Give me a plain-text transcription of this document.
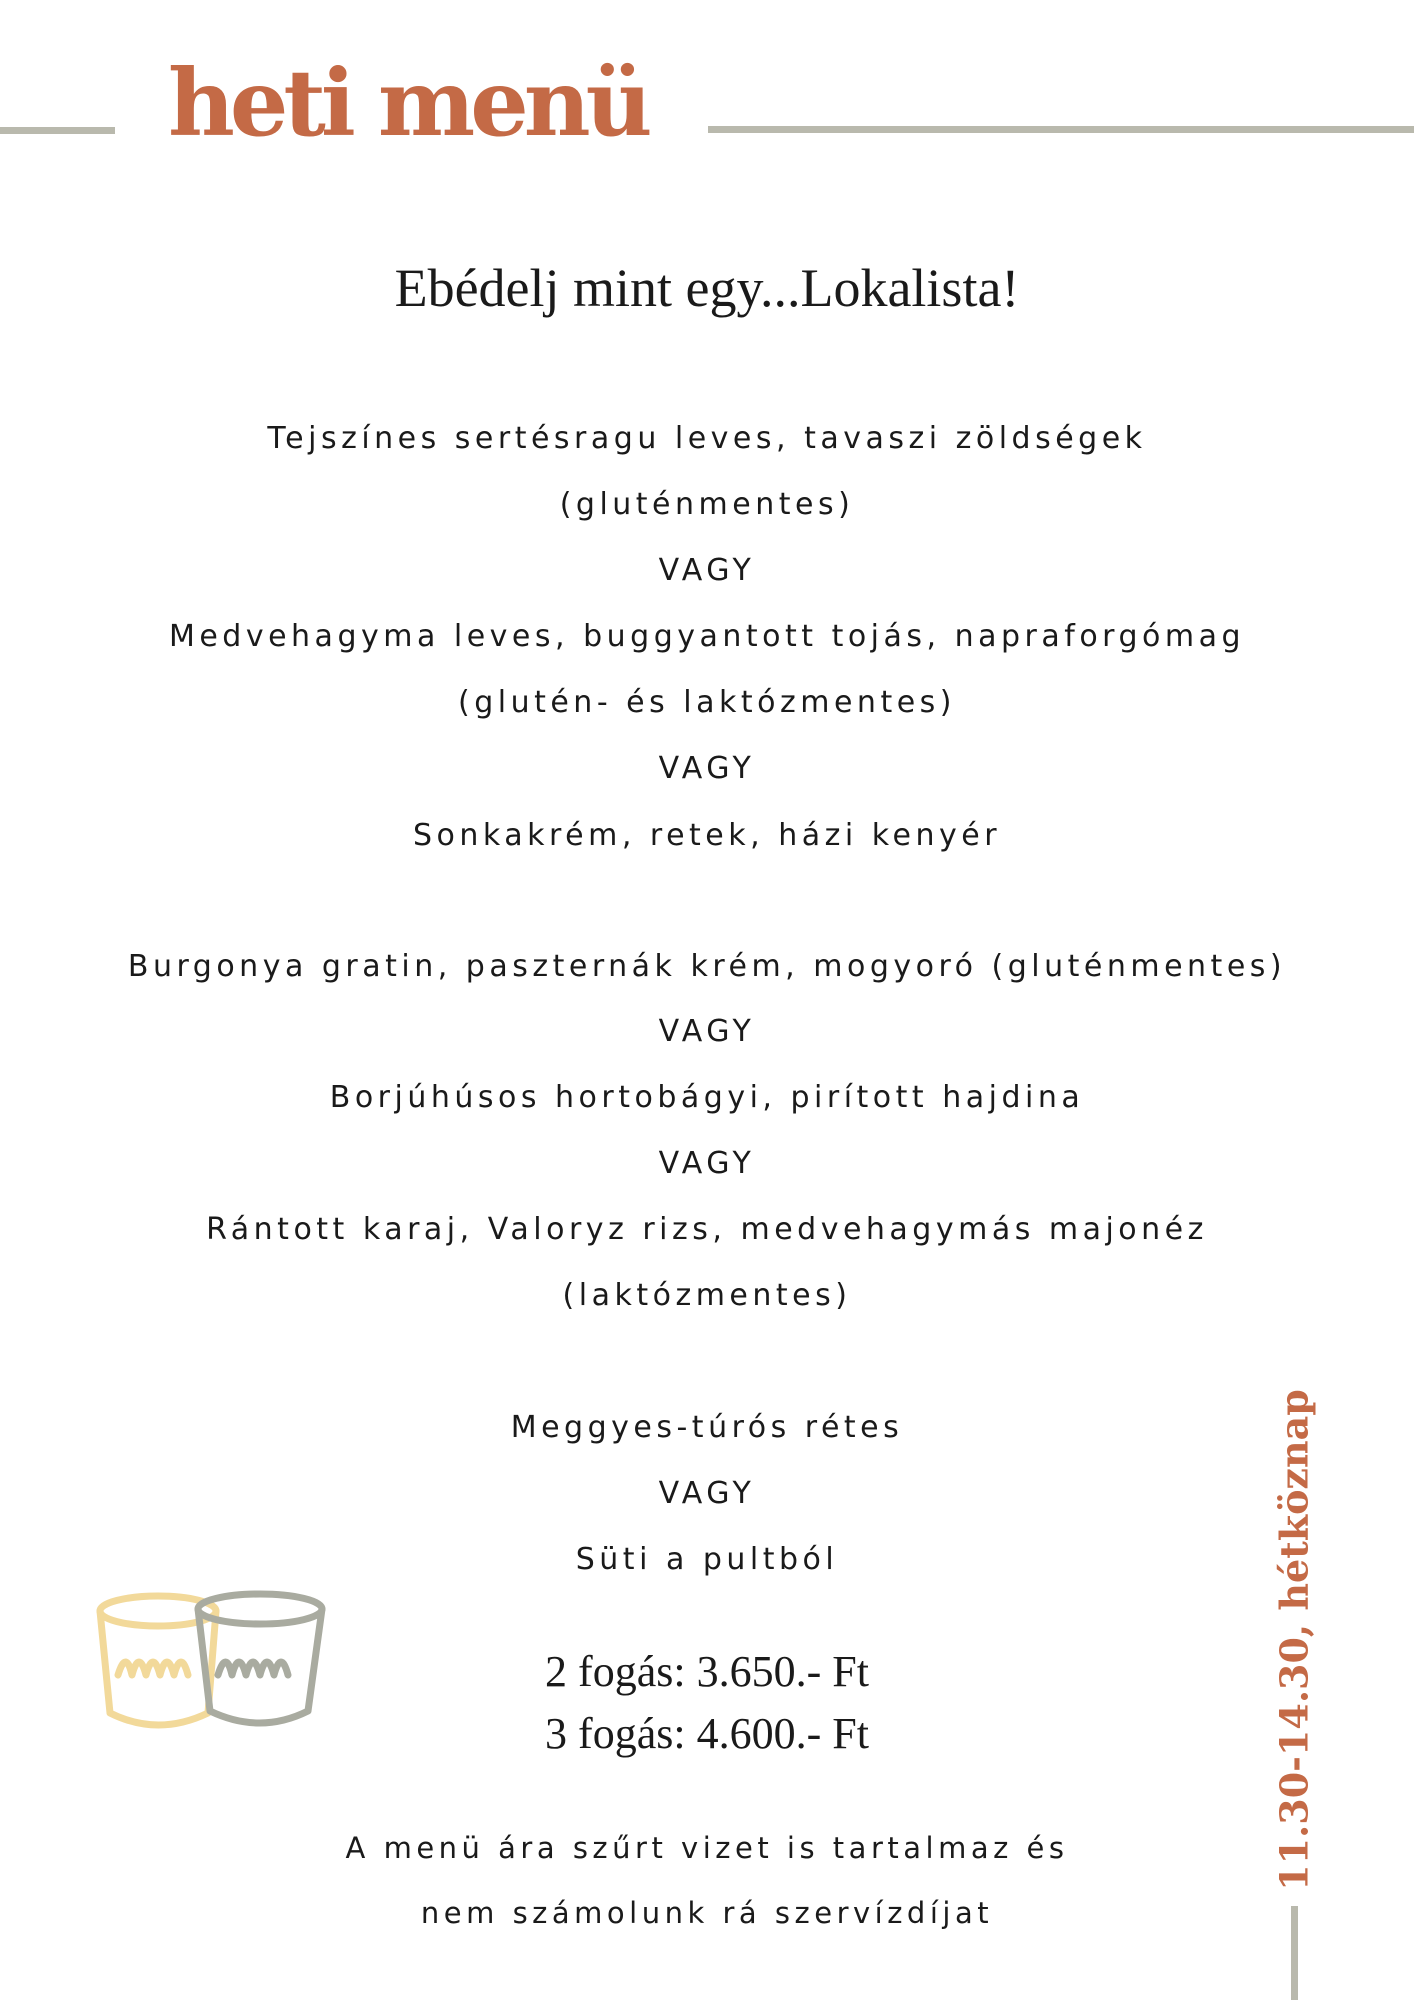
heti menü
Ebédelj mint egy...Lokalista!
Tejszínes sertésragu leves, tavaszi zöldségek
(gluténmentes)
VAGY
Medvehagyma leves, buggyantott tojás, napraforgómag
(glutén- és laktózmentes)
VAGY
Sonkakrém, retek, házi kenyér
Burgonya gratin, paszternák krém, mogyoró (gluténmentes)
VAGY
Borjúhúsos hortobágyi, pirított hajdina
VAGY
Rántott karaj, Valoryz rizs, medvehagymás majonéz
(laktózmentes)
Meggyes-túrós rétes
VAGY
Süti a pultból
2 fogás: 3.650.- Ft
3 fogás: 4.600.- Ft
A menü ára szűrt vizet is tartalmaz és
nem számolunk rá szervízdíjat
11.30-14.30, hétköznap
